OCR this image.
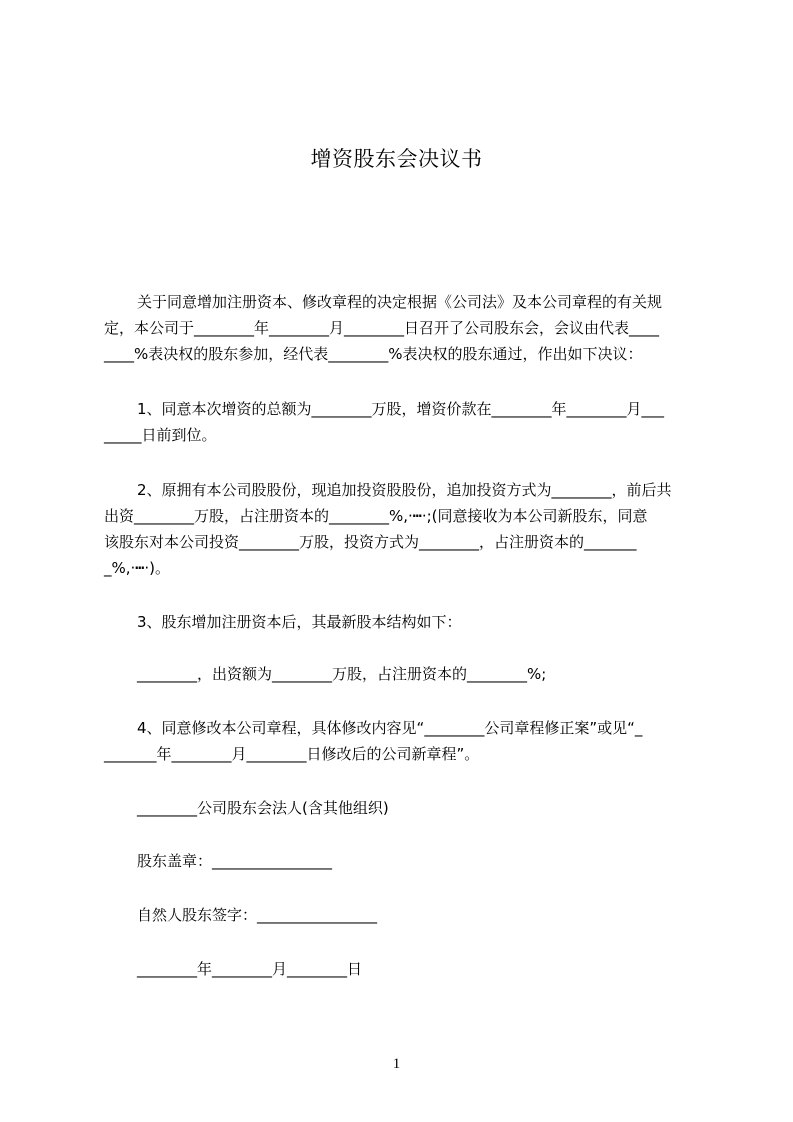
增资股东会决议书
关于同意增加注册资本、修改章程的决定根据《公司法》及本公司章程的有关规
定，本公司于________年________月________日召开了公司股东会，会议由代表____
____%表决权的股东参加，经代表________%表决权的股东通过，作出如下决议：
1、同意本次增资的总额为________万股，增资价款在________年________月___
_____日前到位。
2、原拥有本公司股股份，现追加投资股股份，追加投资方式为________，前后共
出资________万股，占注册资本的________%,·┅·;(同意接收为本公司新股东，同意
该股东对本公司投资________万股，投资方式为________，占注册资本的_______
_%,·┅·)。
3、股东增加注册资本后，其最新股本结构如下：
________，出资额为________万股，占注册资本的________%;
4、同意修改本公司章程，具体修改内容见“________公司章程修正案”或见“_
_______年________月________日修改后的公司新章程”。
________公司股东会法人(含其他组织)
股东盖章：________________
自然人股东签字：________________
________年________月________日
1
